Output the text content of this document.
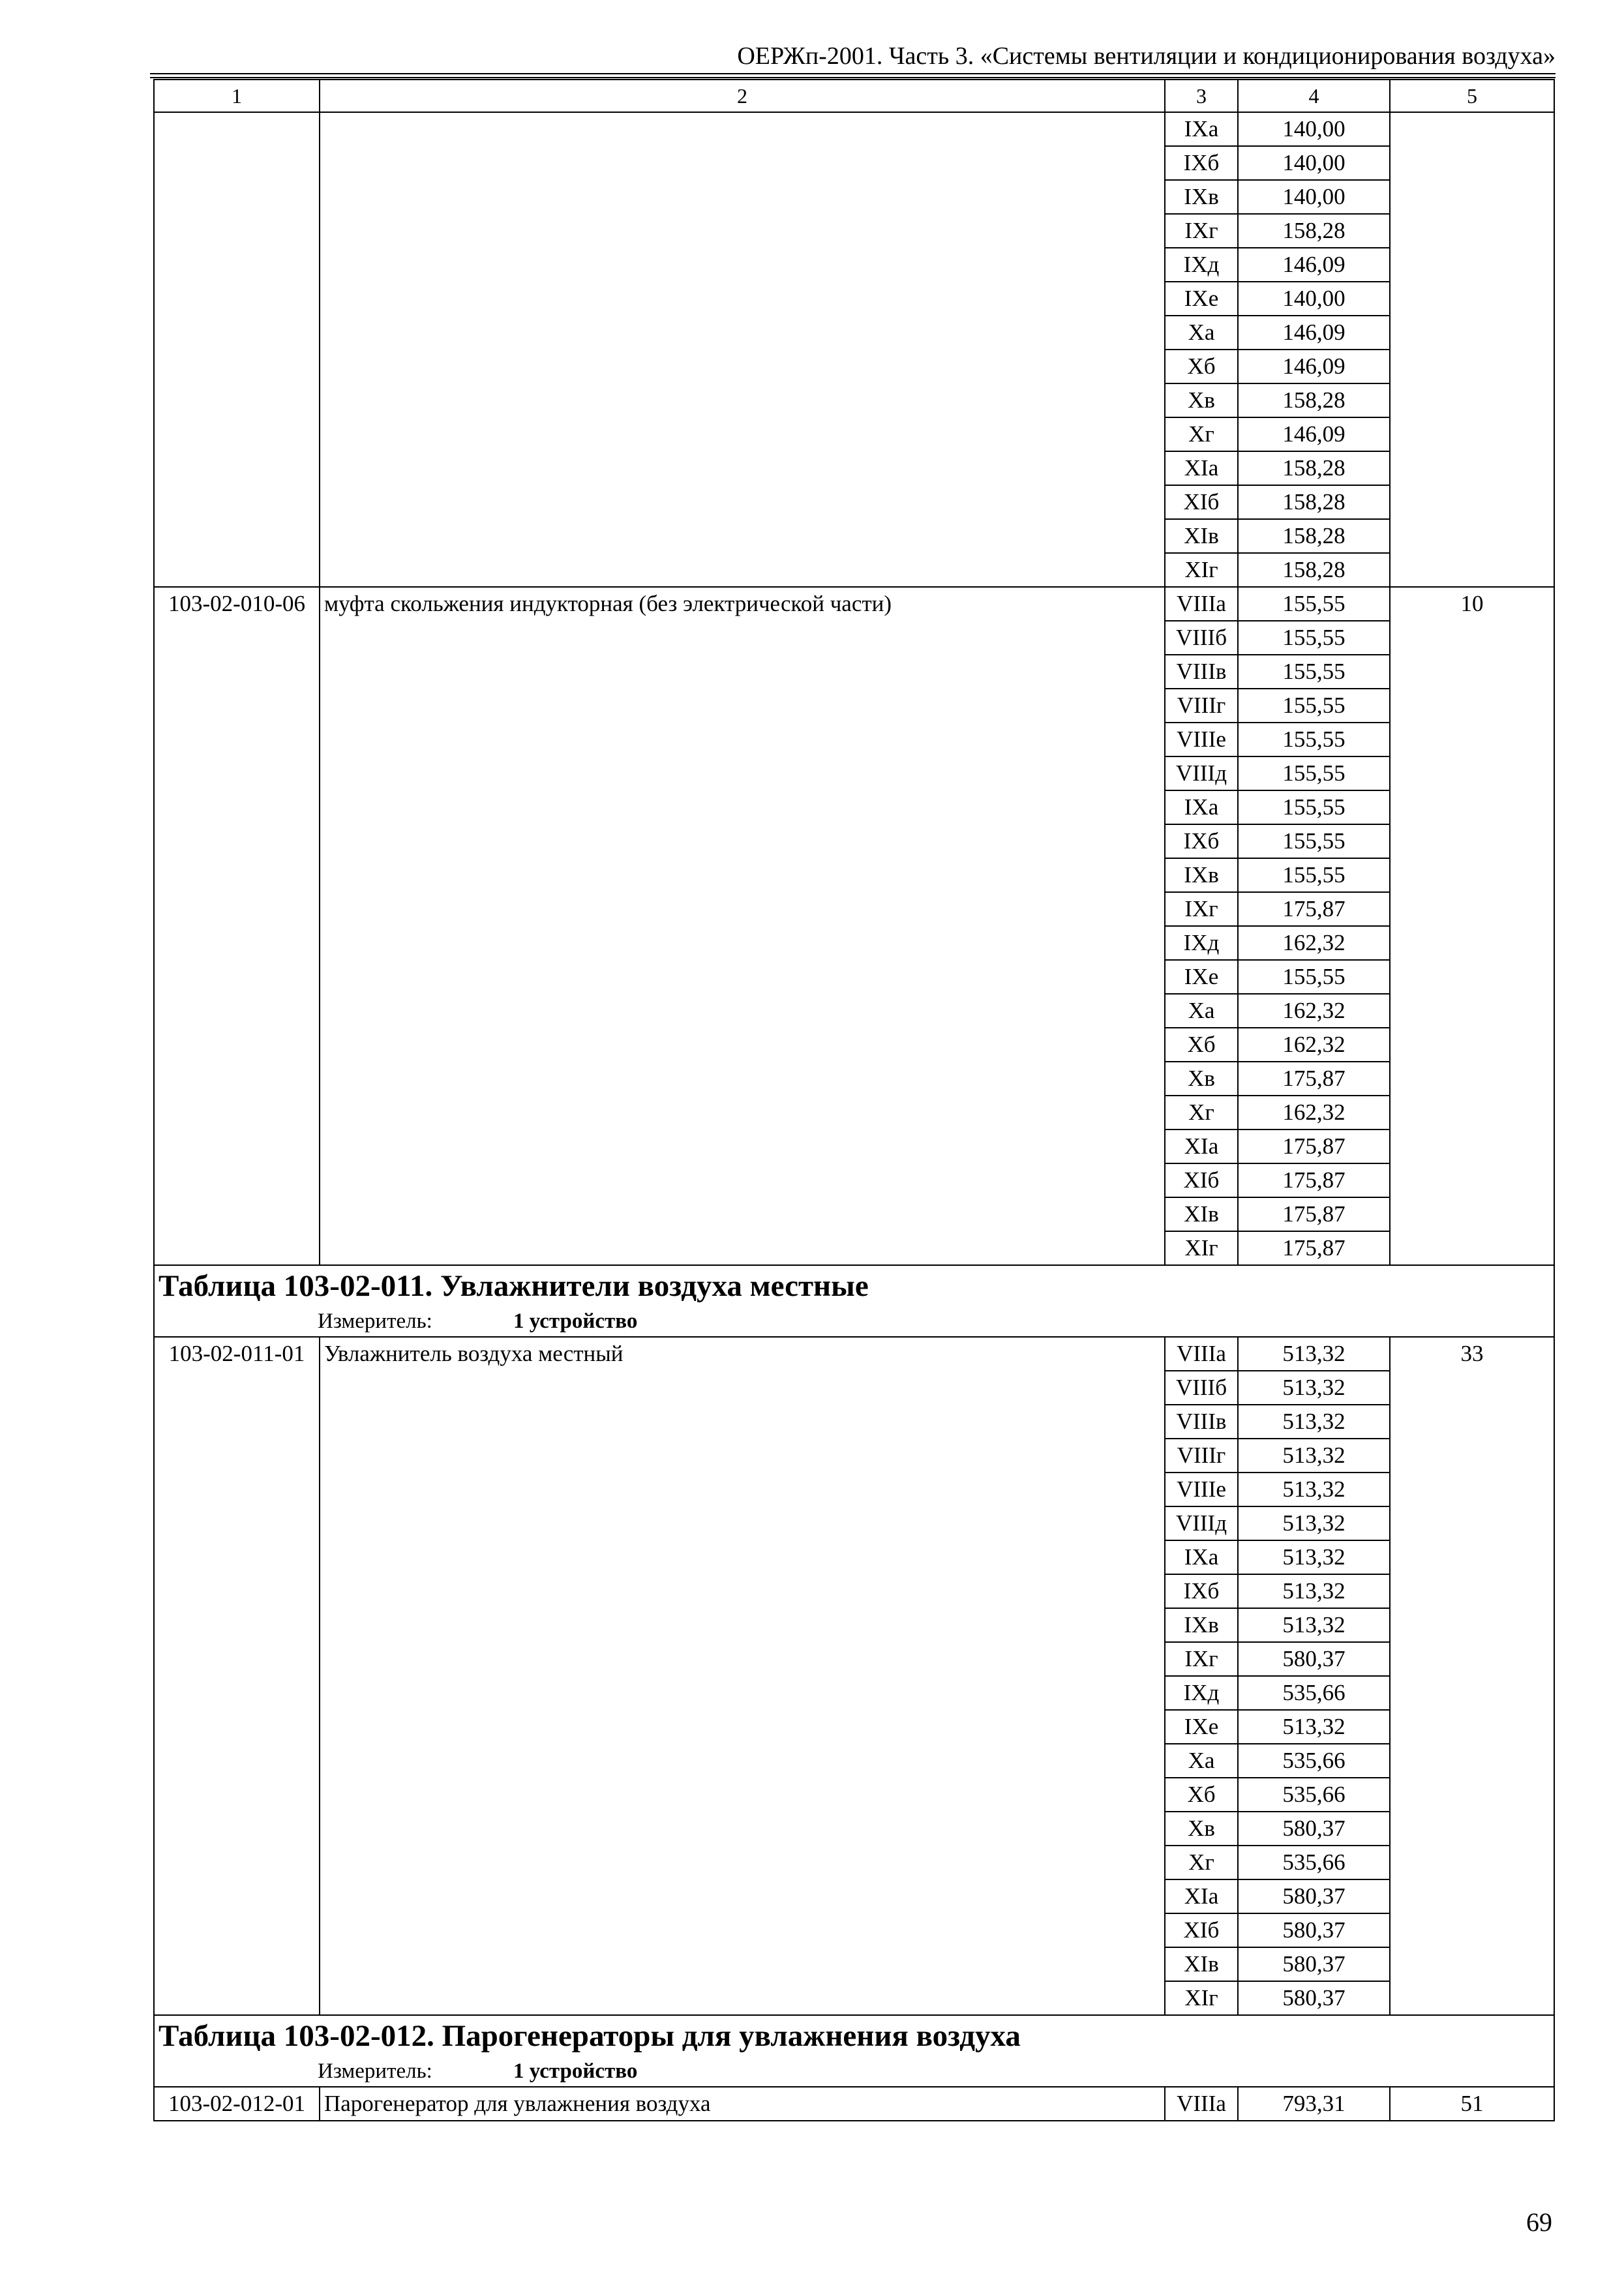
ОЕРЖп-2001. Часть 3. «Системы вентиляции и кондиционирования воздуха»
1	2	3	4	5
		IXa	140,00	
		IXб	140,00	
		IXв	140,00	
		IXг	158,28	
		IXд	146,09	
		IXe	140,00	
		Xa	146,09	
		Xб	146,09	
		Xв	158,28	
		Xг	146,09	
		XIa	158,28	
		XIб	158,28	
		XIв	158,28	
		XIг	158,28	
103-02-010-06	муфта скольжения индукторная (без электрической части)	VIIIa	155,55	10
		VIIIб	155,55	
		VIIIв	155,55	
		VIIIг	155,55	
		VIIIe	155,55	
		VIIIд	155,55	
		IXa	155,55	
		IXб	155,55	
		IXв	155,55	
		IXг	175,87	
		IXд	162,32	
		IXe	155,55	
		Xa	162,32	
		Xб	162,32	
		Xв	175,87	
		Xг	162,32	
		XIa	175,87	
		XIб	175,87	
		XIв	175,87	
		XIг	175,87	

Таблица 103-02-011. Увлажнители воздуха местные
Измеритель: 1 устройство				

103-02-011-01	Увлажнитель воздуха местный	VIIIa	513,32	33
		VIIIб	513,32	
		VIIIв	513,32	
		VIIIг	513,32	
		VIIIe	513,32	
		VIIIд	513,32	
		IXa	513,32	
		IXб	513,32	
		IXв	513,32	
		IXг	580,37	
		IXд	535,66	
		IXe	513,32	
		Xa	535,66	
		Xб	535,66	
		Xв	580,37	
		Xг	535,66	
		XIa	580,37	
		XIб	580,37	
		XIв	580,37	
		XIг	580,37	

Таблица 103-02-012. Парогенераторы для увлажнения воздуха
Измеритель: 1 устройство				

103-02-012-01	Парогенератор для увлажнения воздуха	VIIIa	793,31	51
69
